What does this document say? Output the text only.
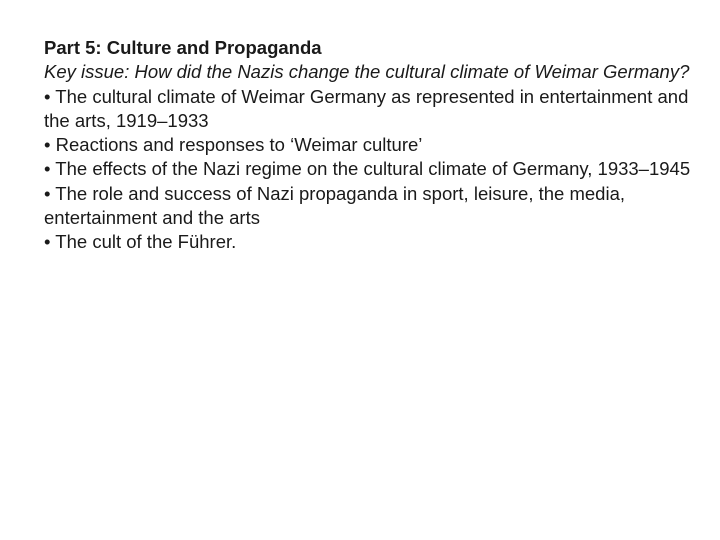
Part 5: Culture and Propaganda

Key issue: How did the Nazis change the cultural climate of Weimar Germany?

• The cultural climate of Weimar Germany as represented in entertainment and the arts, 1919–1933
• Reactions and responses to ‘Weimar culture’
• The effects of the Nazi regime on the cultural climate of Germany, 1933–1945
• The role and success of Nazi propaganda in sport, leisure, the media, entertainment and the arts
• The cult of the Führer.
